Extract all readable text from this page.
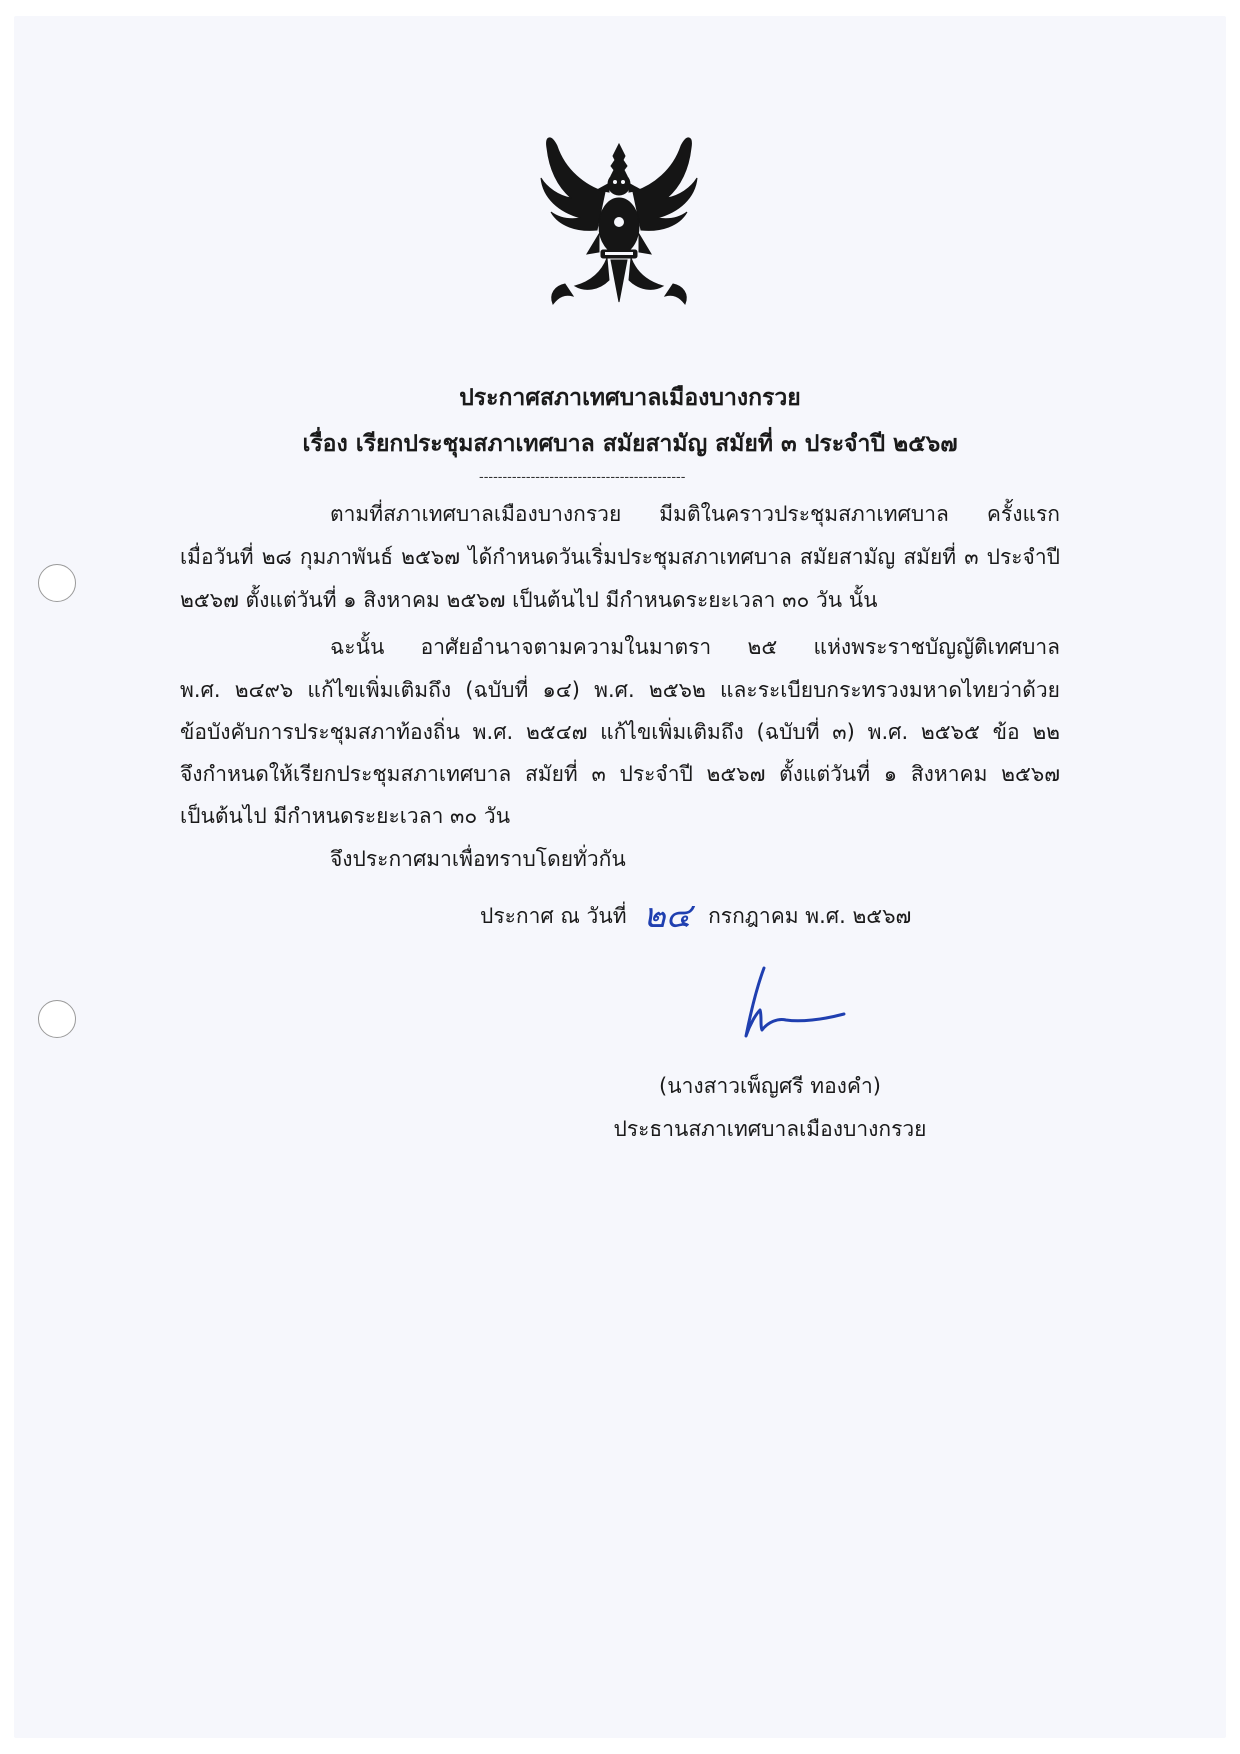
ประกาศสภาเทศบาลเมืองบางกรวย
เรื่อง เรียกประชุมสภาเทศบาล สมัยสามัญ สมัยที่ ๓ ประจำปี ๒๕๖๗
--------------------------------------------
ตามที่สภาเทศบาลเมืองบางกรวย มีมติในคราวประชุมสภาเทศบาล ครั้งแรก
เมื่อวันที่ ๒๘ กุมภาพันธ์ ๒๕๖๗ ได้กำหนดวันเริ่มประชุมสภาเทศบาล สมัยสามัญ สมัยที่ ๓ ประจำปี
๒๕๖๗ ตั้งแต่วันที่ ๑ สิงหาคม ๒๕๖๗ เป็นต้นไป มีกำหนดระยะเวลา ๓๐ วัน นั้น
ฉะนั้น อาศัยอำนาจตามความในมาตรา ๒๕ แห่งพระราชบัญญัติเทศบาล
พ.ศ. ๒๔๙๖ แก้ไขเพิ่มเติมถึง (ฉบับที่ ๑๔) พ.ศ. ๒๕๖๒ และระเบียบกระทรวงมหาดไทยว่าด้วย
ข้อบังคับการประชุมสภาท้องถิ่น พ.ศ. ๒๕๔๗ แก้ไขเพิ่มเติมถึง (ฉบับที่ ๓) พ.ศ. ๒๕๖๕ ข้อ ๒๒
จึงกำหนดให้เรียกประชุมสภาเทศบาล สมัยที่ ๓ ประจำปี ๒๕๖๗ ตั้งแต่วันที่ ๑ สิงหาคม ๒๕๖๗
เป็นต้นไป มีกำหนดระยะเวลา ๓๐ วัน
จึงประกาศมาเพื่อทราบโดยทั่วกัน
ประกาศ ณ วันที่ ๒๔ กรกฎาคม พ.ศ. ๒๕๖๗
(นางสาวเพ็ญศรี ทองคำ)
ประธานสภาเทศบาลเมืองบางกรวย
